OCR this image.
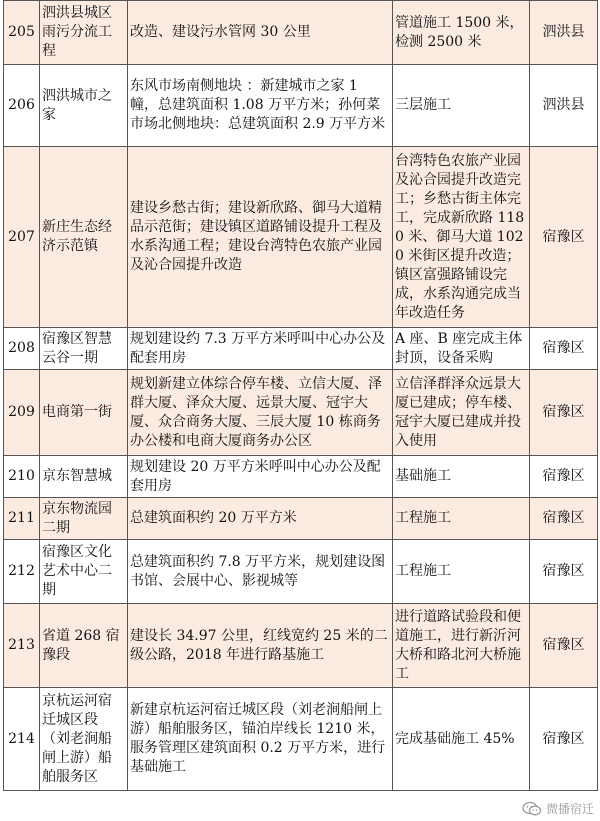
205	泗洪县城区雨污分流工程	改造、建设污水管网 30 公里	管道施工 1500 米，检测 2500 米	泗洪县
206	泗洪城市之家	东风市场南侧地块 ：新建城市之家 1 幢，总建筑面积 1.08 万平方米；孙何菜市场北侧地块：总建筑面积 2.9 万平方米	三层施工	泗洪县
207	新庄生态经济示范镇	建设乡愁古街；建设新欣路、御马大道精品示范街；建设镇区道路铺设提升工程及水系沟通工程；建设台湾特色农旅产业园及沁合园提升改造	台湾特色农旅产业园及沁合园提升改造完工；乡愁古街主体完工，完成新欣路 1180 米、御马大道 1020 米街区提升改造；镇区富强路铺设完成，水系沟通完成当年改造任务	宿豫区
208	宿豫区智慧云谷一期	规划建设约 7.3 万平方米呼叫中心办公及配套用房	A 座、B 座完成主体封顶，设备采购	宿豫区
209	电商第一街	规划新建立体综合停车楼、立信大厦、泽群大厦、泽众大厦、远景大厦、冠宇大厦、众合商务大厦、三辰大厦 10 栋商务办公楼和电商大厦商务办公区	立信泽群泽众远景大厦已建成；停车楼、冠宇大厦已建成并投入使用	宿豫区
210	京东智慧城	规划建设 20 万平方米呼叫中心办公及配套用房	基础施工	宿豫区
211	京东物流园二期	总建筑面积约 20 万平方米	工程施工	宿豫区
212	宿豫区文化艺术中心二期	总建筑面积约 7.8 万平方米，规划建设图书馆、会展中心、影视城等	工程施工	宿豫区
213	省道 268 宿豫段	建设长 34.97 公里，红线宽约 25 米的二级公路，2018 年进行路基施工	进行道路试验段和便道施工，进行新沂河大桥和路北河大桥施工	宿豫区
214	京杭运河宿迁城区段（刘老涧船闸上游）船舶服务区	新建京杭运河宿迁城区段（刘老涧船闸上游）船舶服务区，锚泊岸线长 1210 米，服务管理区建筑面积 0.2 万平方米，进行基础施工	完成基础施工 45%	宿豫区
微播宿迁
